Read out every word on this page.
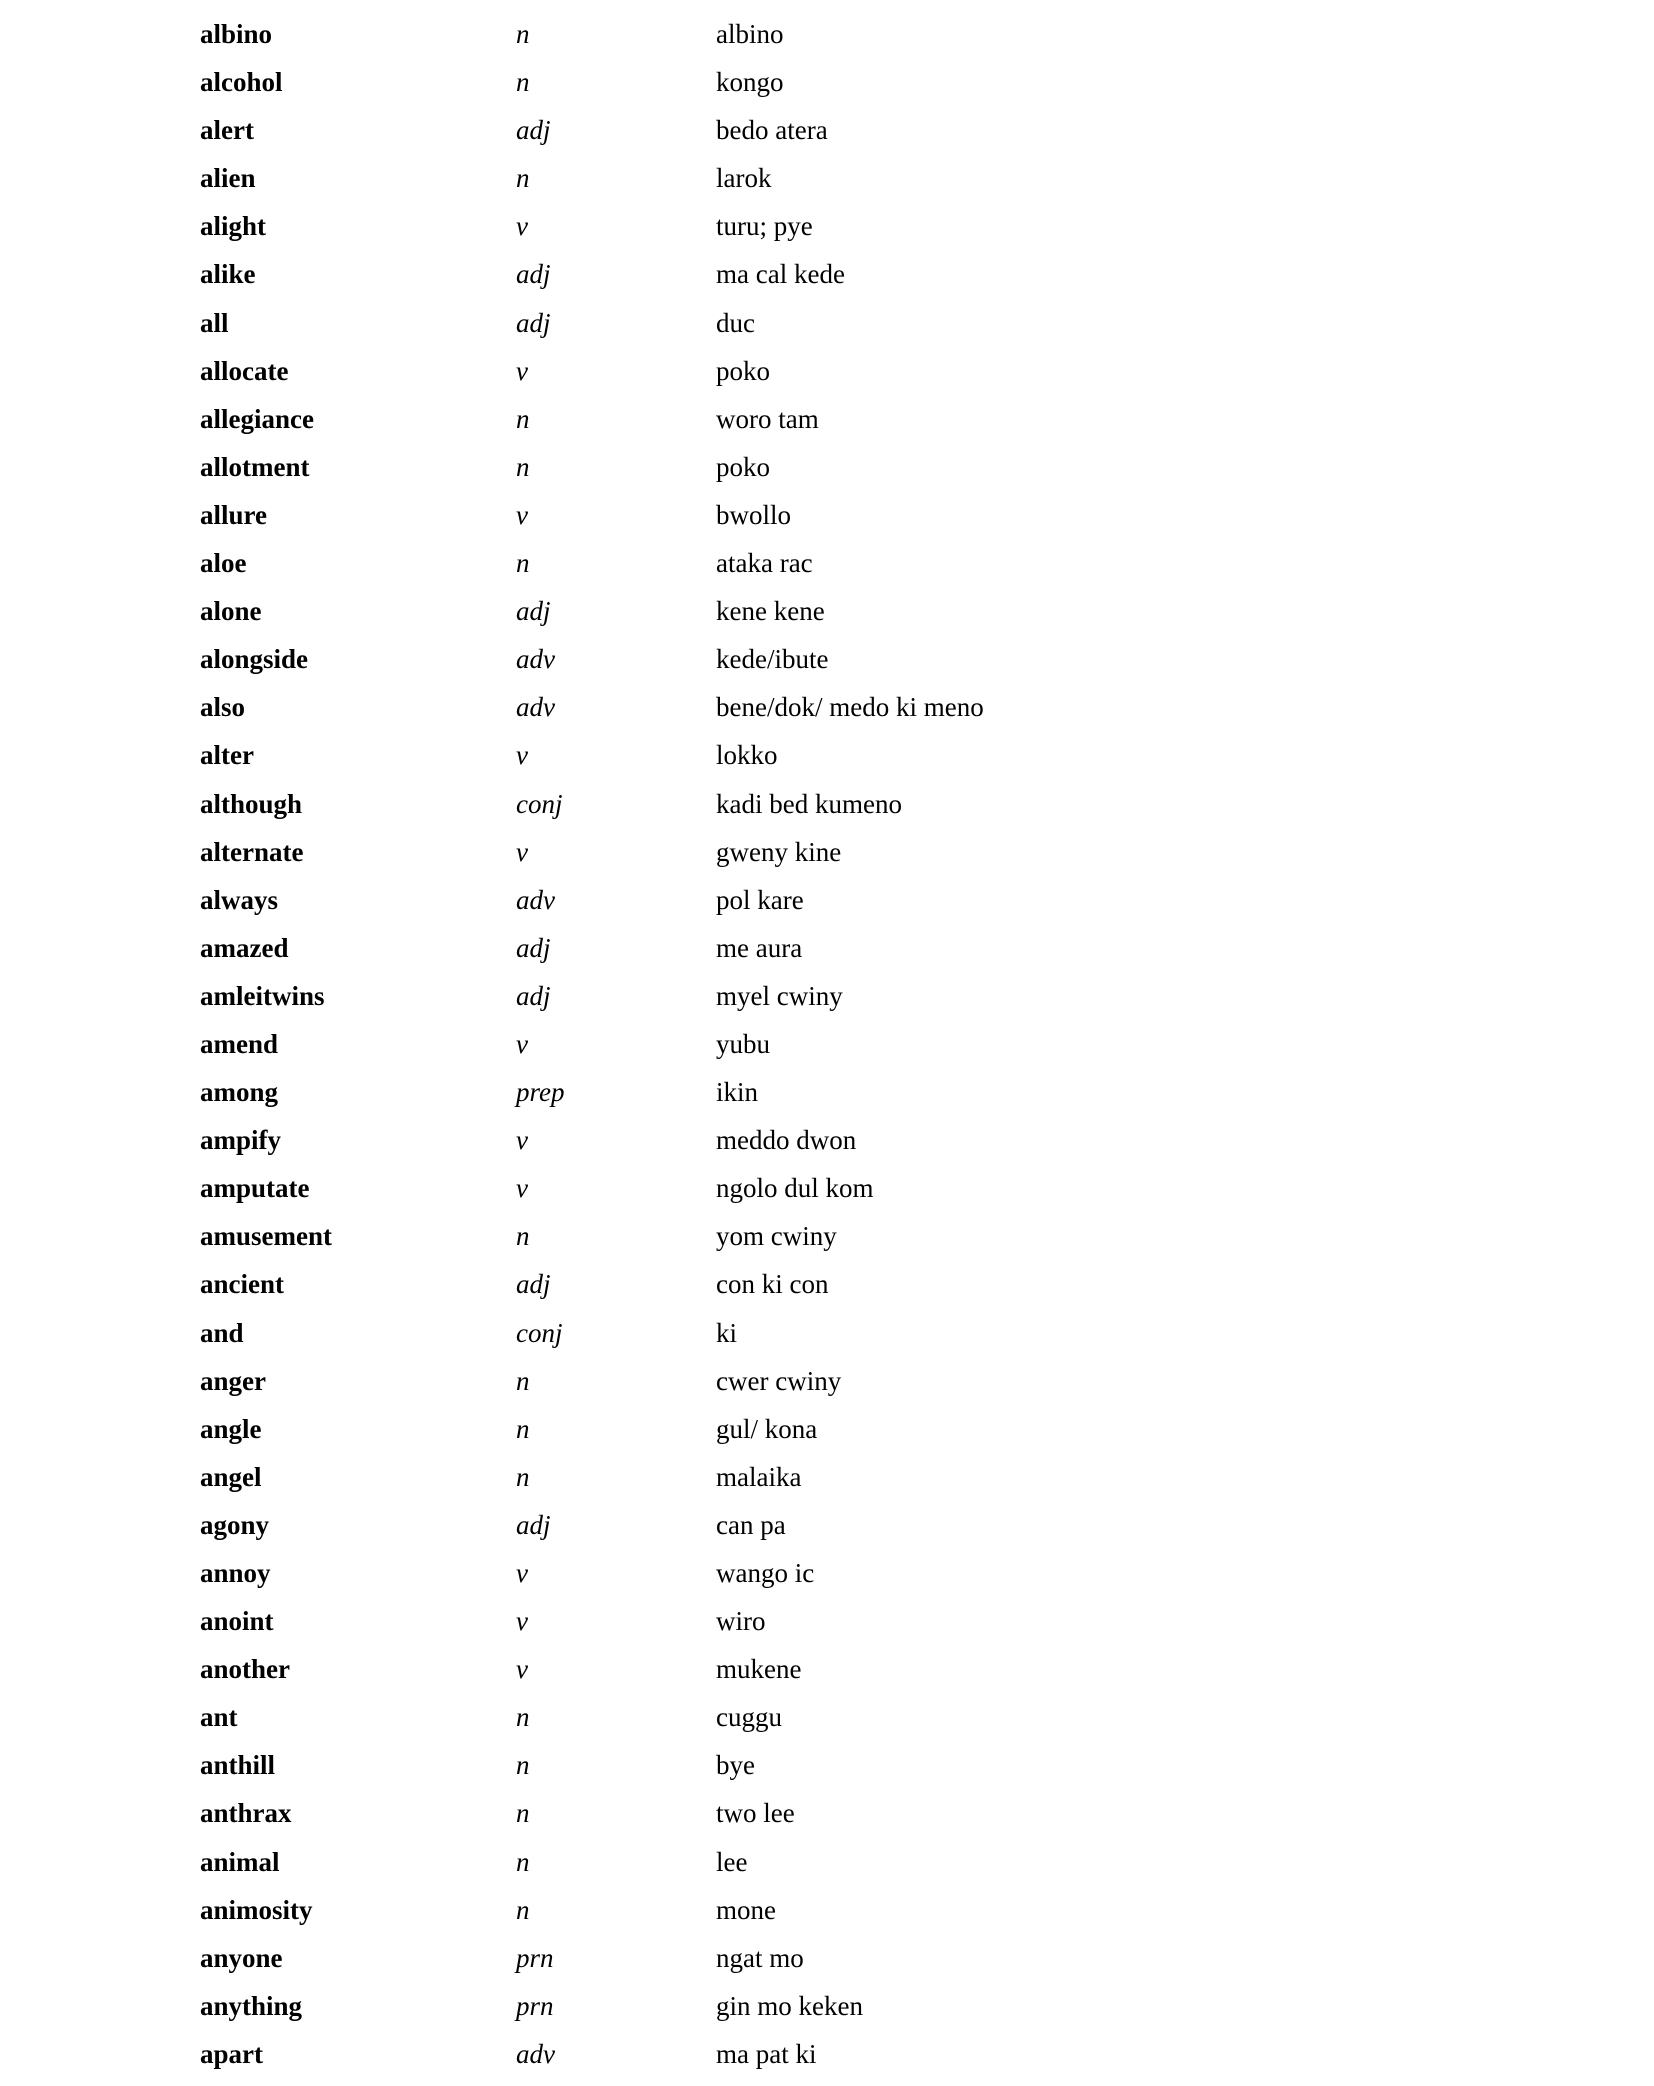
albino	n	albino
alcohol	n	kongo
alert	adj	bedo atera
alien	n	larok
alight	v	turu; pye
alike	adj	ma cal kede
all	adj	duc
allocate	v	poko
allegiance	n	woro tam
allotment	n	poko
allure	v	bwollo
aloe	n	ataka rac
alone	adj	kene kene
alongside	adv	kede/ibute
also	adv	bene/dok/ medo ki meno
alter	v	lokko
although	conj	kadi bed kumeno
alternate	v	gweny kine
always	adv	pol kare
amazed	adj	me aura
amleitwins	adj	myel cwiny
amend	v	yubu
among	prep	ikin
ampify	v	meddo dwon
amputate	v	ngolo dul kom
amusement	n	yom cwiny
ancient	adj	con ki con
and	conj	ki
anger	n	cwer cwiny
angle	n	gul/ kona
angel	n	malaika
agony	adj	can pa
annoy	v	wango ic
anoint	v	wiro
another	v	mukene
ant	n	cuggu
anthill	n	bye
anthrax	n	two lee
animal	n	lee
animosity	n	mone
anyone	prn	ngat mo
anything	prn	gin mo keken
apart	adv	ma pat ki
